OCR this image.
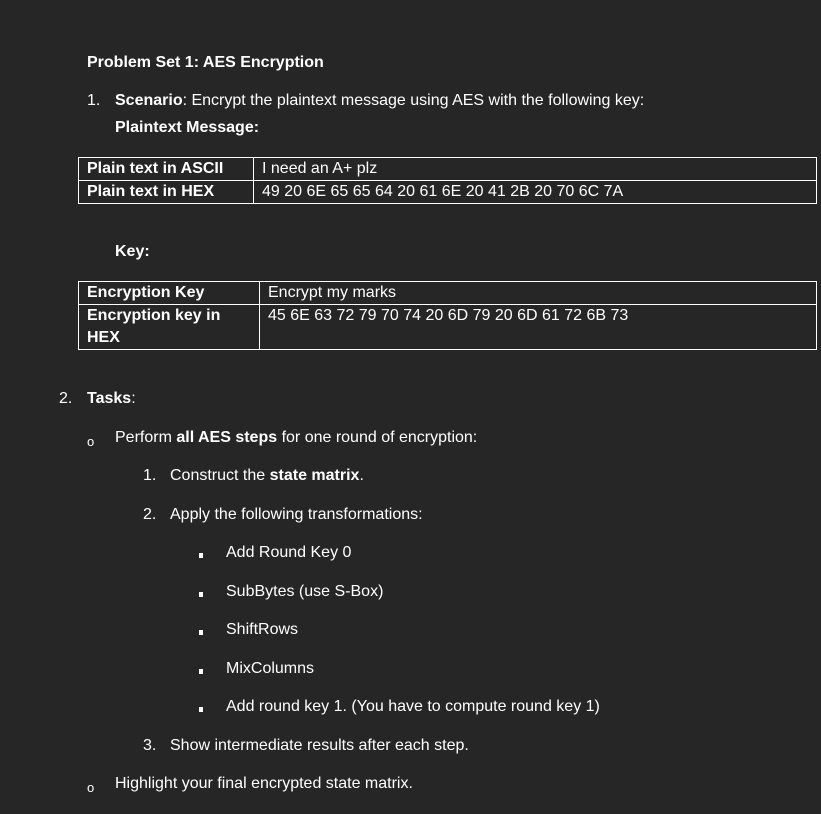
Problem Set 1: AES Encryption
1. Scenario: Encrypt the plaintext message using AES with the following key:
Plaintext Message:
Plain text in ASCII	I need an A+ plz
Plain text in HEX	49 20 6E 65 65 64 20 61 6E 20 41 2B 20 70 6C 7A
Key:
Encryption Key	Encrypt my marks
Encryption key in
HEX	45 6E 63 72 79 70 74 20 6D 79 20 6D 61 72 6B 73
2. Tasks:
o Perform all AES steps for one round of encryption:
1. Construct the state matrix.
2. Apply the following transformations:
Add Round Key 0
SubBytes (use S-Box)
ShiftRows
MixColumns
Add round key 1. (You have to compute round key 1)
3. Show intermediate results after each step.
o Highlight your final encrypted state matrix.
